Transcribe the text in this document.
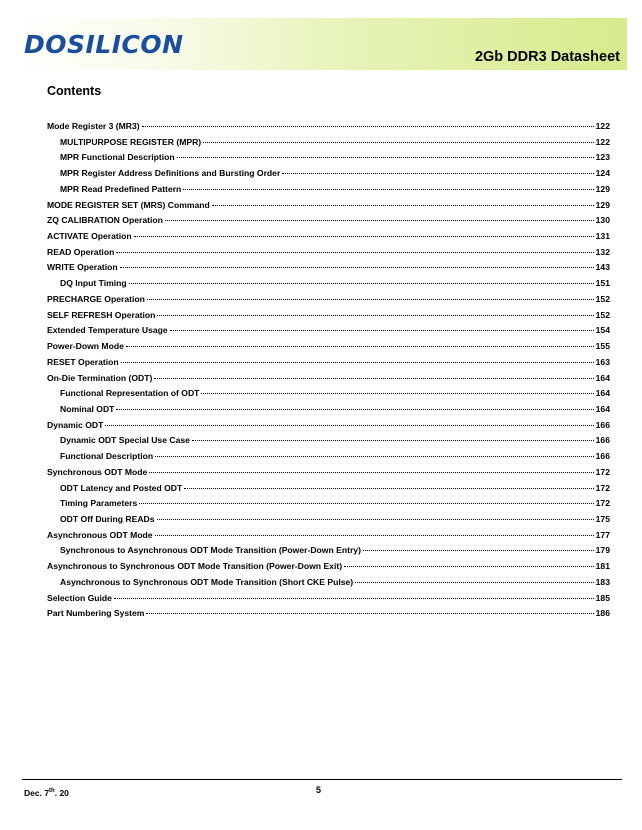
DOSILICON	2Gb DDR3 Datasheet
Contents
Mode Register 3 (MR3)	122
MULTIPURPOSE REGISTER (MPR)	122
MPR Functional Description	123
MPR Register Address Definitions and Bursting Order	124
MPR Read Predefined Pattern	129
MODE REGISTER SET (MRS) Command	129
ZQ CALIBRATION Operation	130
ACTIVATE Operation	131
READ Operation	132
WRITE Operation	143
DQ Input Timing	151
PRECHARGE Operation	152
SELF REFRESH Operation	152
Extended Temperature Usage	154
Power-Down Mode	155
RESET Operation	163
On-Die Termination (ODT)	164
Functional Representation of ODT	164
Nominal ODT	164
Dynamic ODT	166
Dynamic ODT Special Use Case	166
Functional Description	166
Synchronous ODT Mode	172
ODT Latency and Posted ODT	172
Timing Parameters	172
ODT Off During READs	175
Asynchronous ODT Mode	177
Synchronous to Asynchronous ODT Mode Transition (Power-Down Entry)	179
Asynchronous to Synchronous ODT Mode Transition (Power-Down Exit)	181
Asynchronous to Synchronous ODT Mode Transition (Short CKE Pulse)	183
Selection Guide	185
Part Numbering System	186
Dec. 7th. 20	5
